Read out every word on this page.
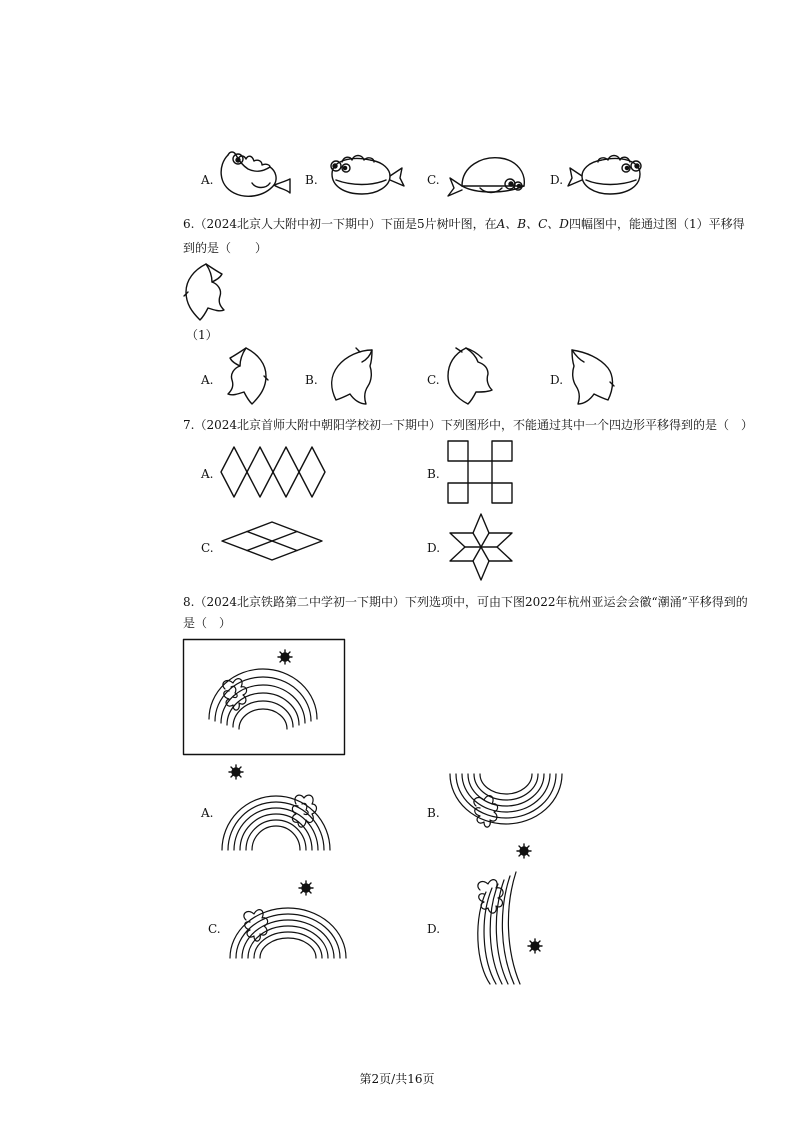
A.	B.	C.	D.
6.（2024北京人大附中初一下期中）下面是5片树叶图，在A、B、C、D四幅图中，能通过图（1）平移得
到的是（　　）
（1）
A.	B.	C.	D.
7.（2024北京首师大附中朝阳学校初一下期中）下列图形中，不能通过其中一个四边形平移得到的是（　）
A.	B.
C.	D.
8.（2024北京铁路第二中学初一下期中）下列选项中，可由下图2022年杭州亚运会会徽“潮涌”平移得到的
是（　）
A.	B.
C.	D.
第2页/共16页
